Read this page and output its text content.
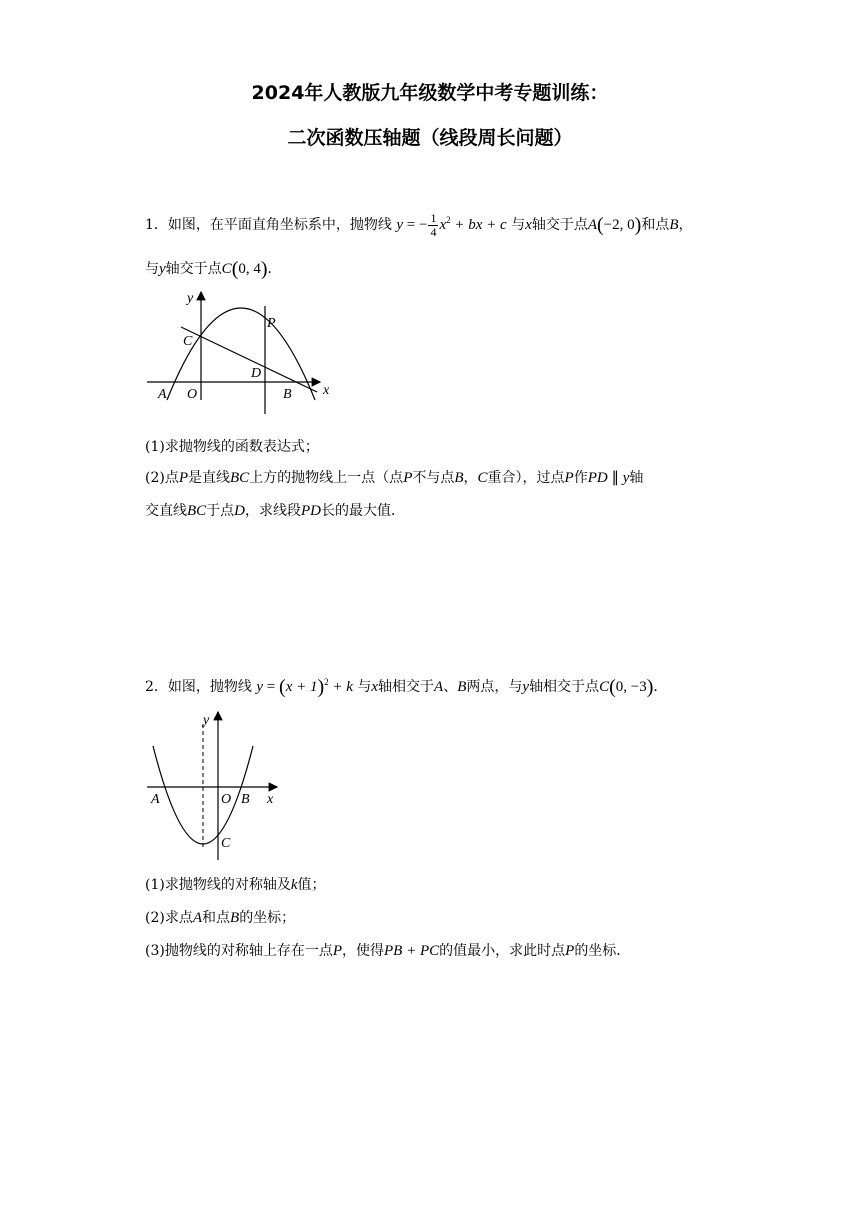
2024年人教版九年级数学中考专题训练：
二次函数压轴题（线段周长问题）
1．如图，在平面直角坐标系中，抛物线 y = − $\frac{1}{4} x^2$ + bx + c 与x轴交于点A(−2, 0)和点B，
与y轴交于点C(0, 4)．
y
x
C
P
D
A O	B
(1)求抛物线的函数表达式；
(2)点P是直线BC上方的抛物线上一点（点P不与点B，C重合），过点P作PD ∥ y轴
交直线BC于点D，求线段PD长的最大值．
2．如图，抛物线 $y = (x + 1)^2 + k$ 与x轴相交于A、B两点，与y轴相交于点C(0, −3)．
y
x
A	O B
C
(1)求抛物线的对称轴及k值；
(2)求点A和点B的坐标；
(3)抛物线的对称轴上存在一点P，使得PB + PC的值最小，求此时点P的坐标．
